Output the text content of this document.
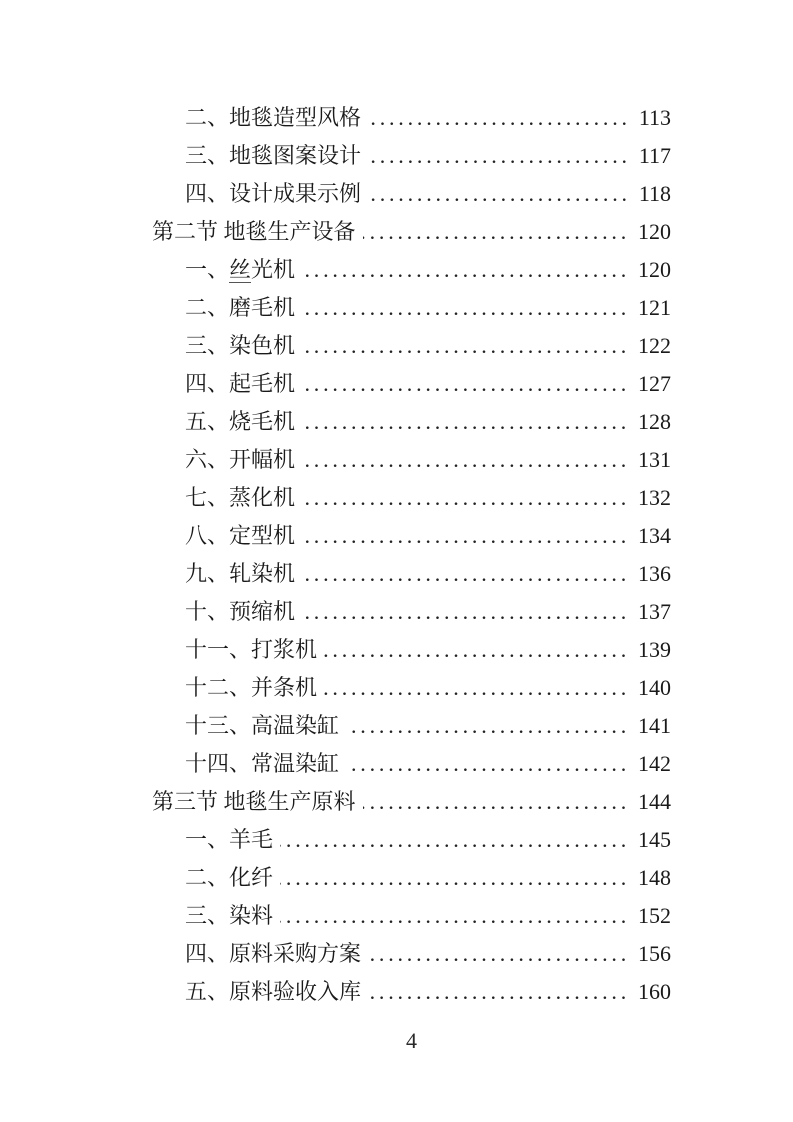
二、地毯造型风格 .....	113
三、地毯图案设计 .....	117
四、设计成果示例 .....	118
第二节 地毯生产设备 .....	120
一、丝光机 .....	120
二、磨毛机 .....	121
三、染色机 .....	122
四、起毛机 .....	127
五、烧毛机 .....	128
六、开幅机 .....	131
七、蒸化机 .....	132
八、定型机 .....	134
九、轧染机 .....	136
十、预缩机 .....	137
十一、打浆机 .....	139
十二、并条机 .....	140
十三、高温染缸 .....	141
十四、常温染缸 .....	142
第三节 地毯生产原料 .....	144
一、羊毛 .....	145
二、化纤 .....	148
三、染料 .....	152
四、原料采购方案 .....	156
五、原料验收入库 .....	160
4
